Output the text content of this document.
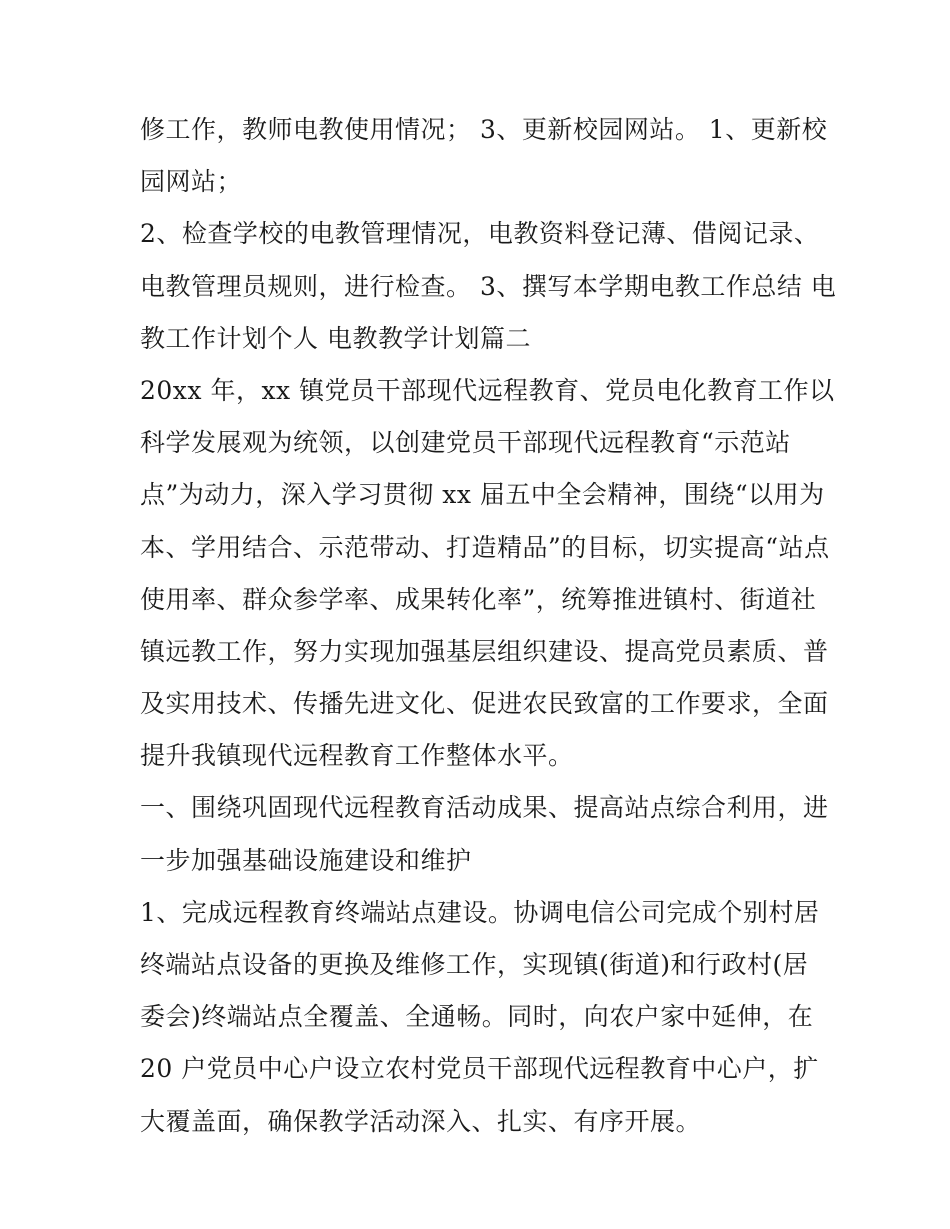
修工作，教师电教使用情况； 3、更新校园网站。 1、更新校
园网站；
2、检查学校的电教管理情况，电教资料登记薄、借阅记录、
电教管理员规则，进行检查。 3、撰写本学期电教工作总结 电
教工作计划个人 电教教学计划篇二
20xx 年，xx 镇党员干部现代远程教育、党员电化教育工作以
科学发展观为统领，以创建党员干部现代远程教育“示范站
点”为动力，深入学习贯彻 xx 届五中全会精神，围绕“以用为
本、学用结合、示范带动、打造精品”的目标，切实提高“站点
使用率、群众参学率、成果转化率”，统筹推进镇村、街道社
镇远教工作，努力实现加强基层组织建设、提高党员素质、普
及实用技术、传播先进文化、促进农民致富的工作要求，全面
提升我镇现代远程教育工作整体水平。
一、围绕巩固现代远程教育活动成果、提高站点综合利用，进
一步加强基础设施建设和维护
1、完成远程教育终端站点建设。协调电信公司完成个别村居
终端站点设备的更换及维修工作，实现镇(街道)和行政村(居
委会)终端站点全覆盖、全通畅。同时，向农户家中延伸，在
20 户党员中心户设立农村党员干部现代远程教育中心户，扩
大覆盖面，确保教学活动深入、扎实、有序开展。
